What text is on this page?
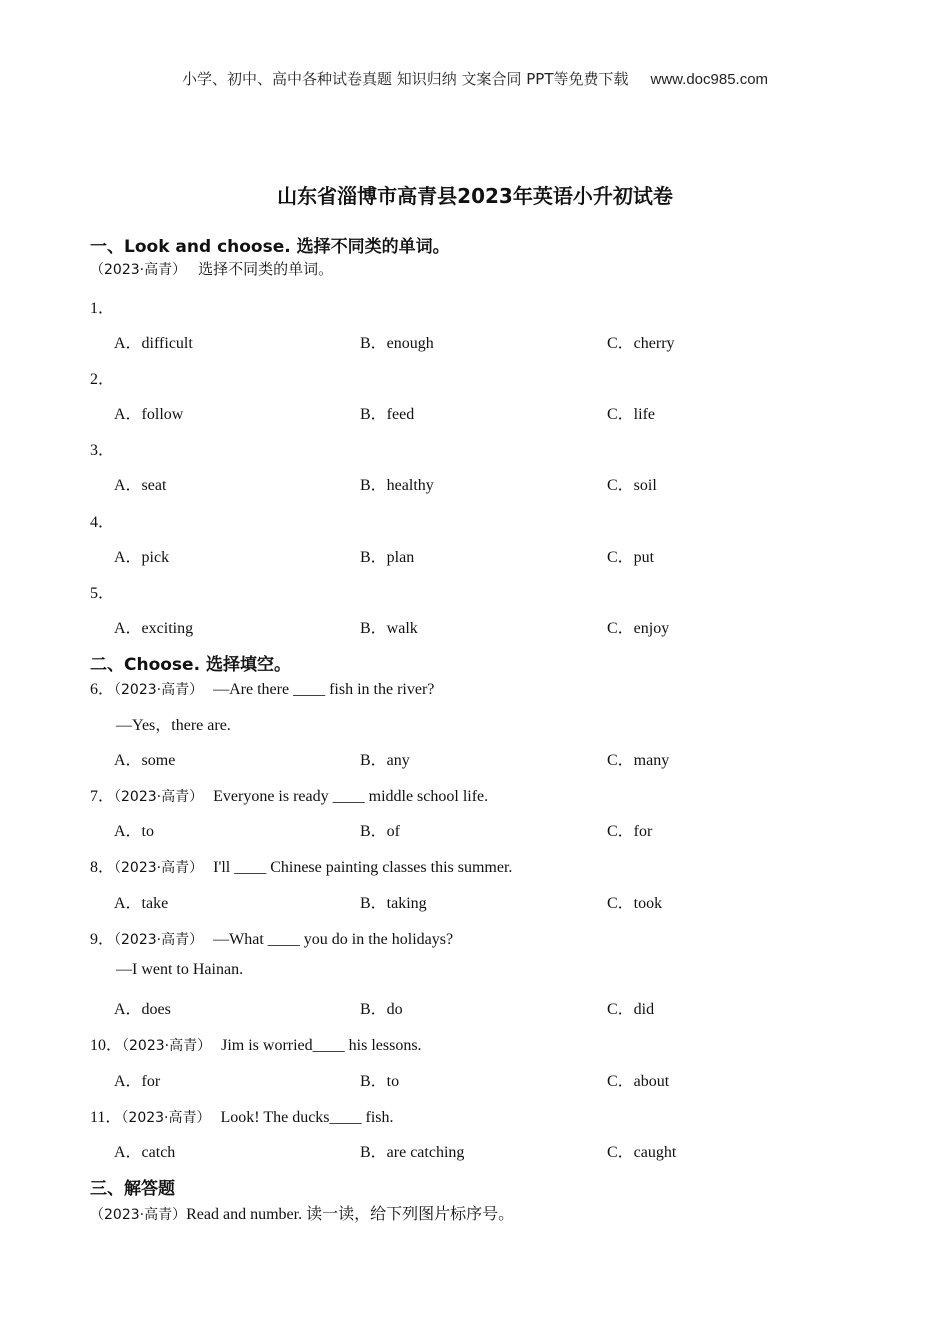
小学、初中、高中各种试卷真题 知识归纳 文案合同 PPT等免费下载 www.doc985.com
山东省淄博市高青县2023年英语小升初试卷
一、Look and choose. 选择不同类的单词。
（2023·高青） 选择不同类的单词。
1．
A．difficult	B．enough	C．cherry
2．
A．follow	B．feed	C．life
3．
A．seat	B．healthy	C．soil
4．
A．pick	B．plan	C．put
5．
A．exciting	B．walk	C．enjoy
二、Choose. 选择填空。
6．（2023·高青） —Are there ____ fish in the river?
—Yes，there are.
A．some	B．any	C．many
7．（2023·高青） Everyone is ready ____ middle school life.
A．to	B．of	C．for
8．（2023·高青） I'll ____ Chinese painting classes this summer.
A．take	B．taking	C．took
9．（2023·高青） —What ____ you do in the holidays?
—I went to Hainan.
A．does	B．do	C．did
10．（2023·高青） Jim is worried____ his lessons.
A．for	B．to	C．about
11．（2023·高青） Look! The ducks____ fish.
A．catch	B．are catching	C．caught
三、解答题
（2023·高青）Read and number. 读一读，给下列图片标序号。
